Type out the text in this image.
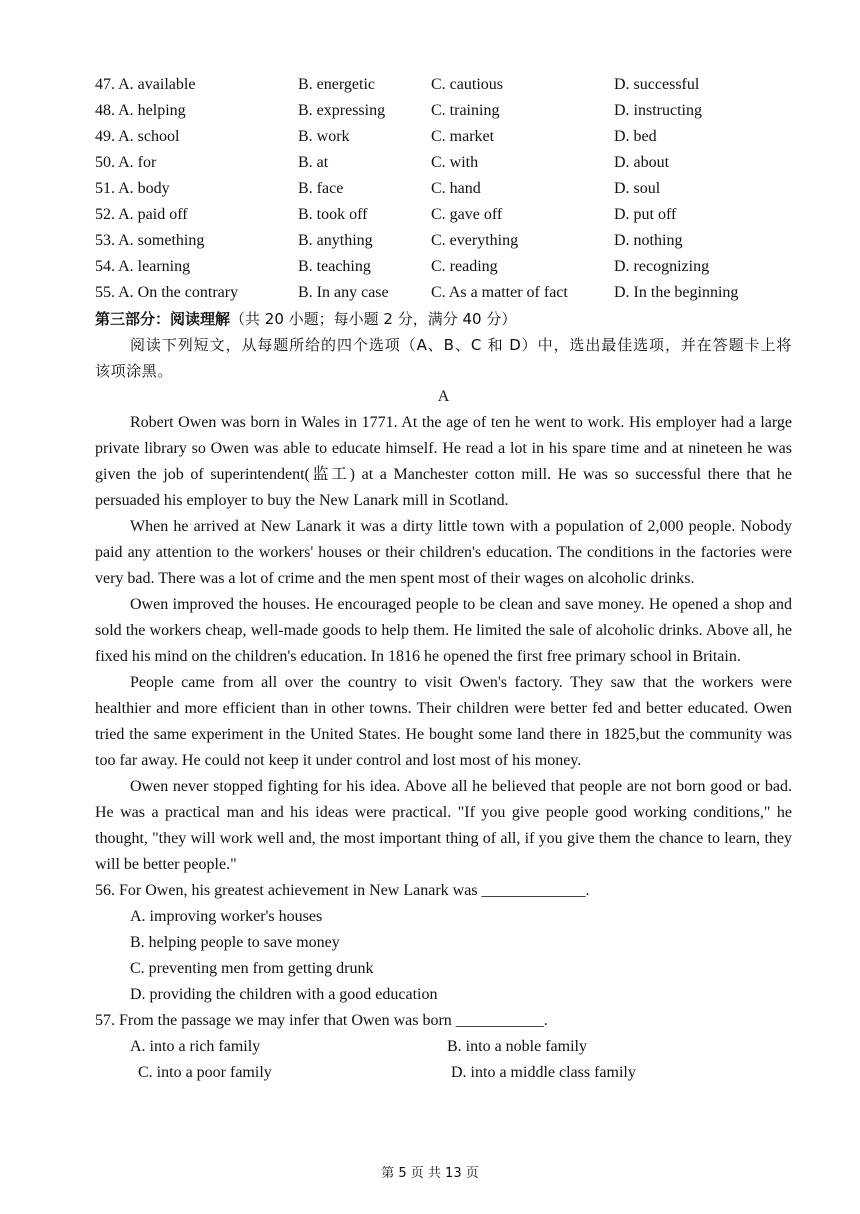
47. A. available	B. energetic	C. cautious	D. successful
48. A. helping	B. expressing	C. training	D. instructing
49. A. school	B. work	C. market	D. bed
50. A. for	B. at	C. with	D. about
51. A. body	B. face	C. hand	D. soul
52. A. paid off	B. took off	C. gave off	D. put off
53. A. something	B. anything	C. everything	D. nothing
54. A. learning	B. teaching	C. reading	D. recognizing
55. A. On the contrary	B. In any case	C. As a matter of fact	D. In the beginning
第三部分：阅读理解（共 20 小题；每小题 2 分，满分 40 分）
阅读下列短文，从每题所给的四个选项（A、B、C 和 D）中，选出最佳选项，并在答题卡上将该项涂黑。
A
Robert Owen was born in Wales in 1771. At the age of ten he went to work. His employer had a large private library so Owen was able to educate himself. He read a lot in his spare time and at nineteen he was given the job of superintendent(监工) at a Manchester cotton mill. He was so successful there that he persuaded his employer to buy the New Lanark mill in Scotland.
When he arrived at New Lanark it was a dirty little town with a population of 2,000 people. Nobody paid any attention to the workers' houses or their children's education. The conditions in the factories were very bad. There was a lot of crime and the men spent most of their wages on alcoholic drinks.
Owen improved the houses. He encouraged people to be clean and save money. He opened a shop and sold the workers cheap, well-made goods to help them. He limited the sale of alcoholic drinks. Above all, he fixed his mind on the children's education. In 1816 he opened the first free primary school in Britain.
People came from all over the country to visit Owen's factory. They saw that the workers were healthier and more efficient than in other towns. Their children were better fed and better educated. Owen tried the same experiment in the United States. He bought some land there in 1825,but the community was too far away. He could not keep it under control and lost most of his money.
Owen never stopped fighting for his idea. Above all he believed that people are not born good or bad. He was a practical man and his ideas were practical. "If you give people good working conditions," he thought, "they will work well and, the most important thing of all, if you give them the chance to learn, they will be better people."
56. For Owen, his greatest achievement in New Lanark was _____________.
A. improving worker's houses
B. helping people to save money
C. preventing men from getting drunk
D. providing the children with a good education
57. From the passage we may infer that Owen was born ___________.
A. into a rich family	B. into a noble family
C. into a poor family	D. into a middle class family
第 5 页 共 13 页
